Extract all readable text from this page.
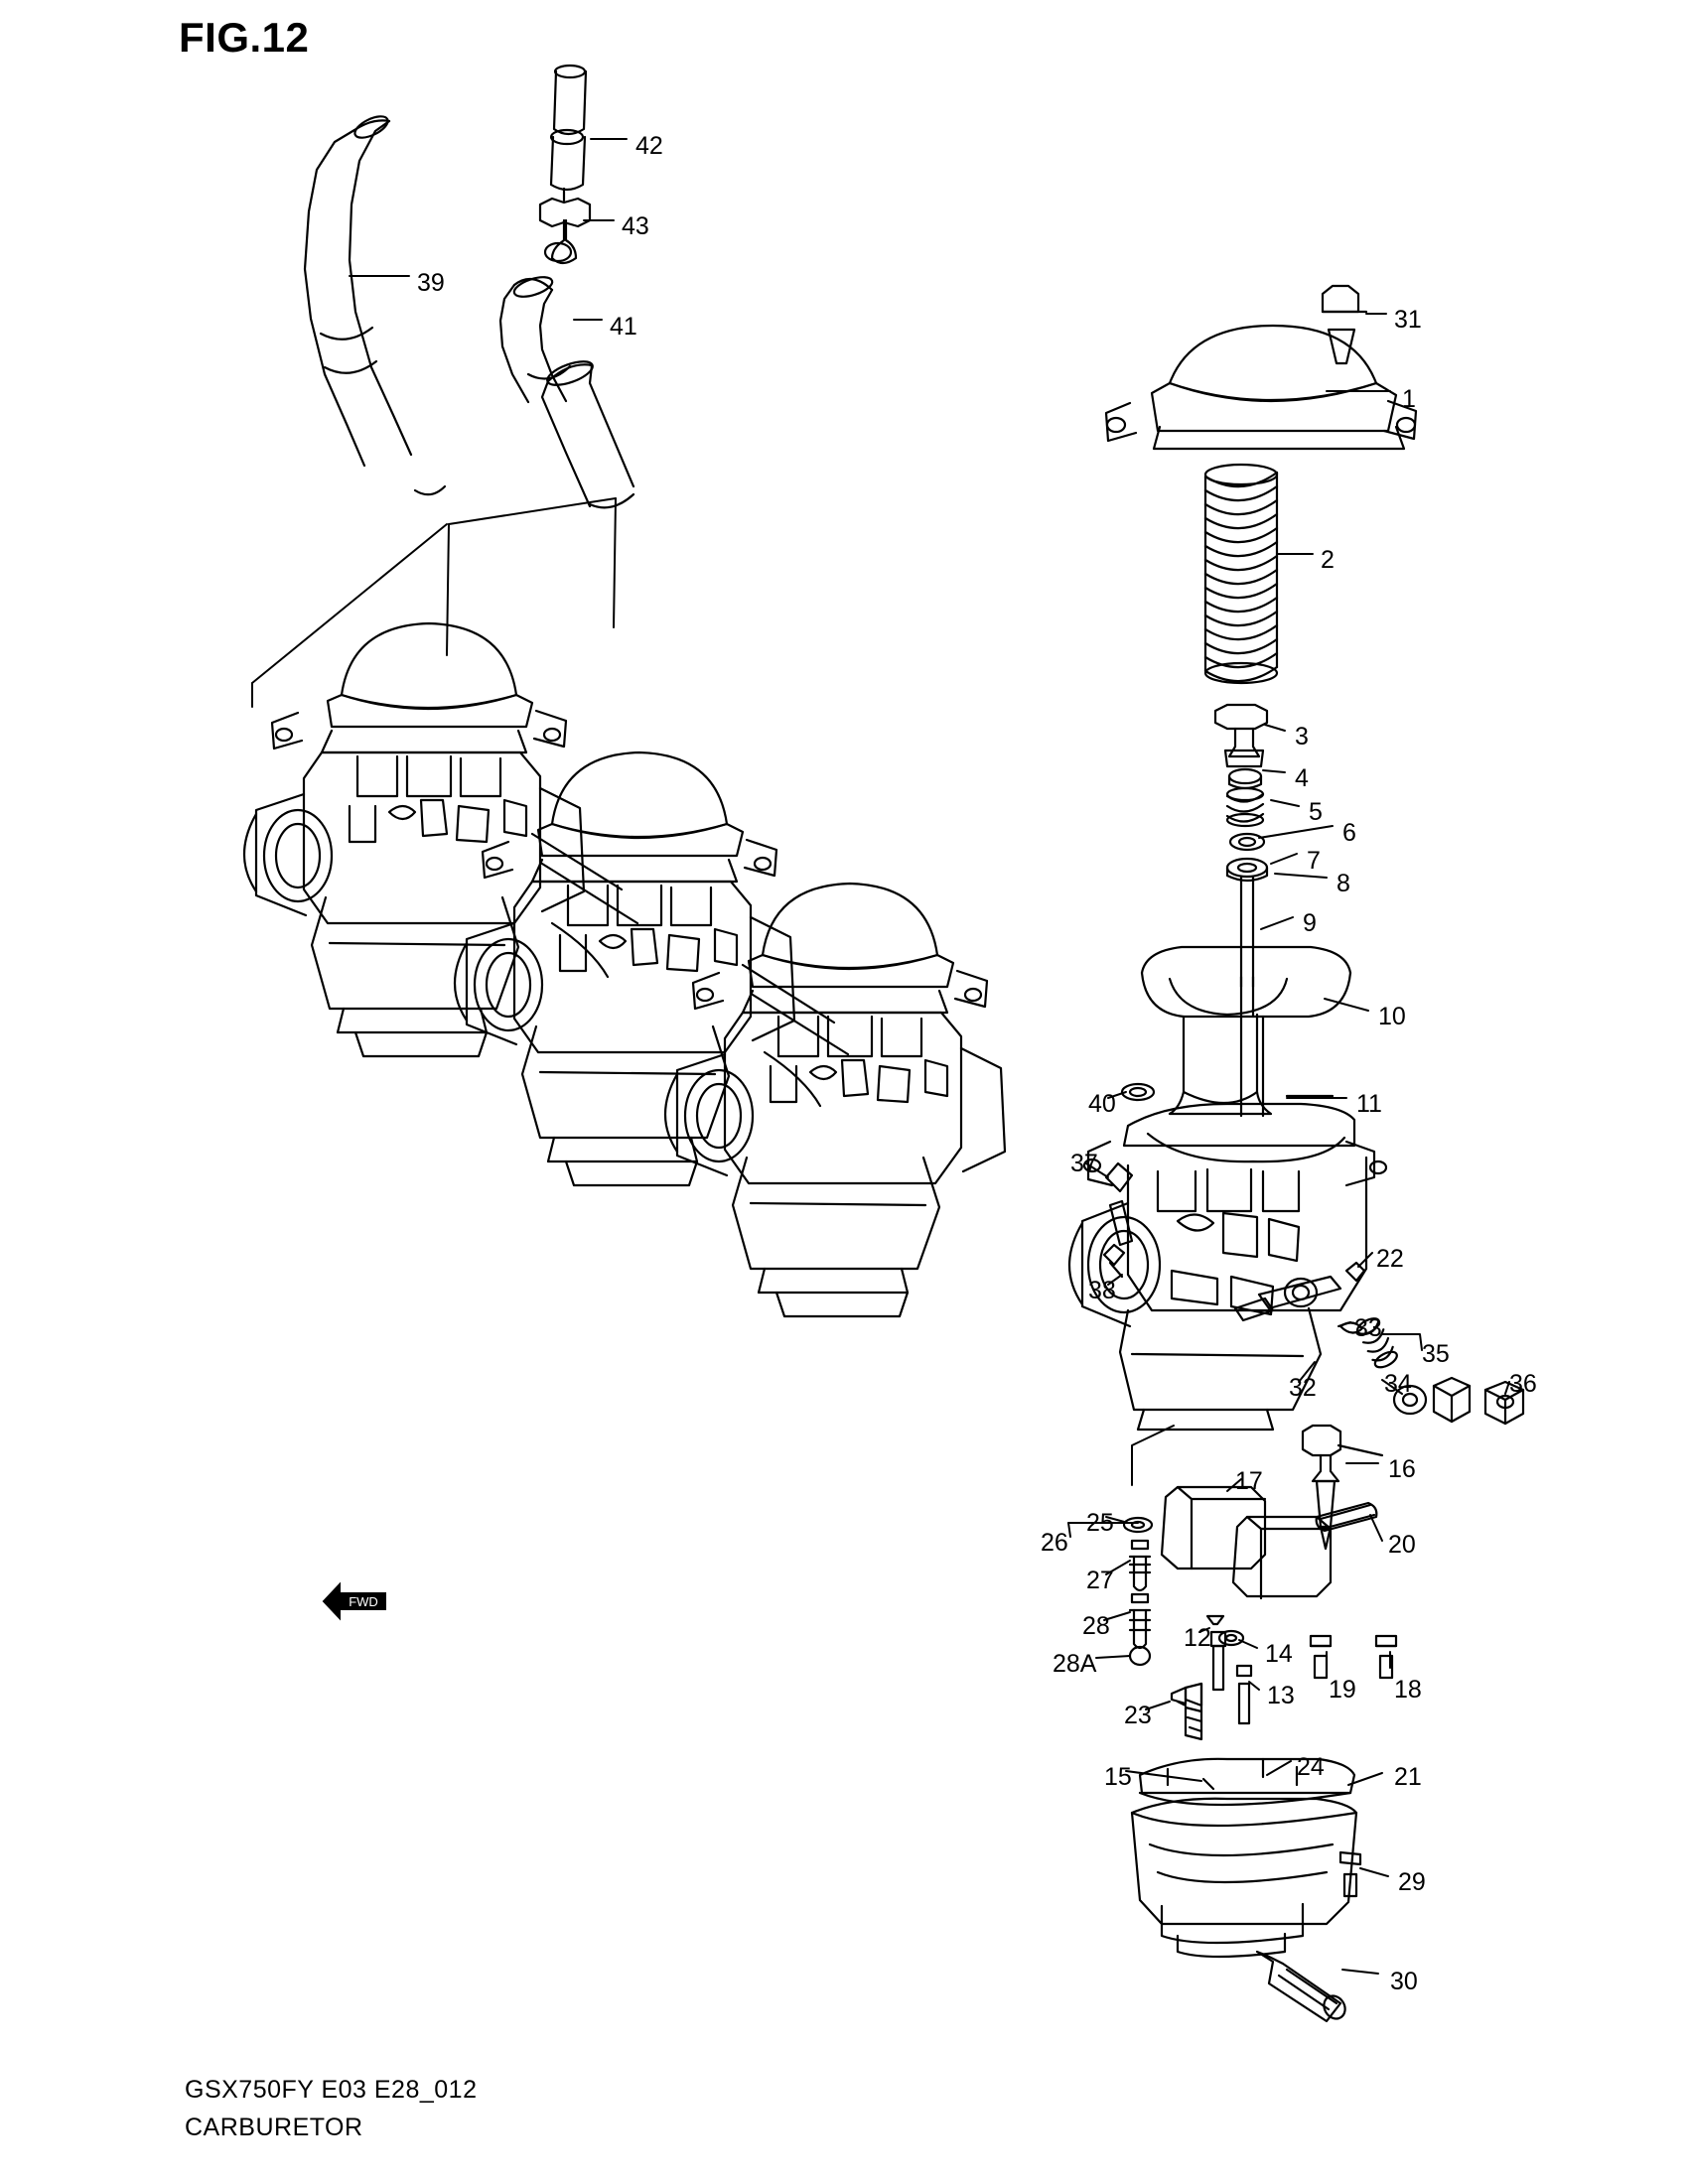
FIG.12
FWD
42
43
39
41	31
1
2
3
4
5
6
7
8
9
10
11
40
37
38
22
33
35
34	36
32
16
17
20
25
26
27
28
28A
12
14
13 19 18
23
15	24	21
29
30
GSX750FY E03 E28_012
CARBURETOR
